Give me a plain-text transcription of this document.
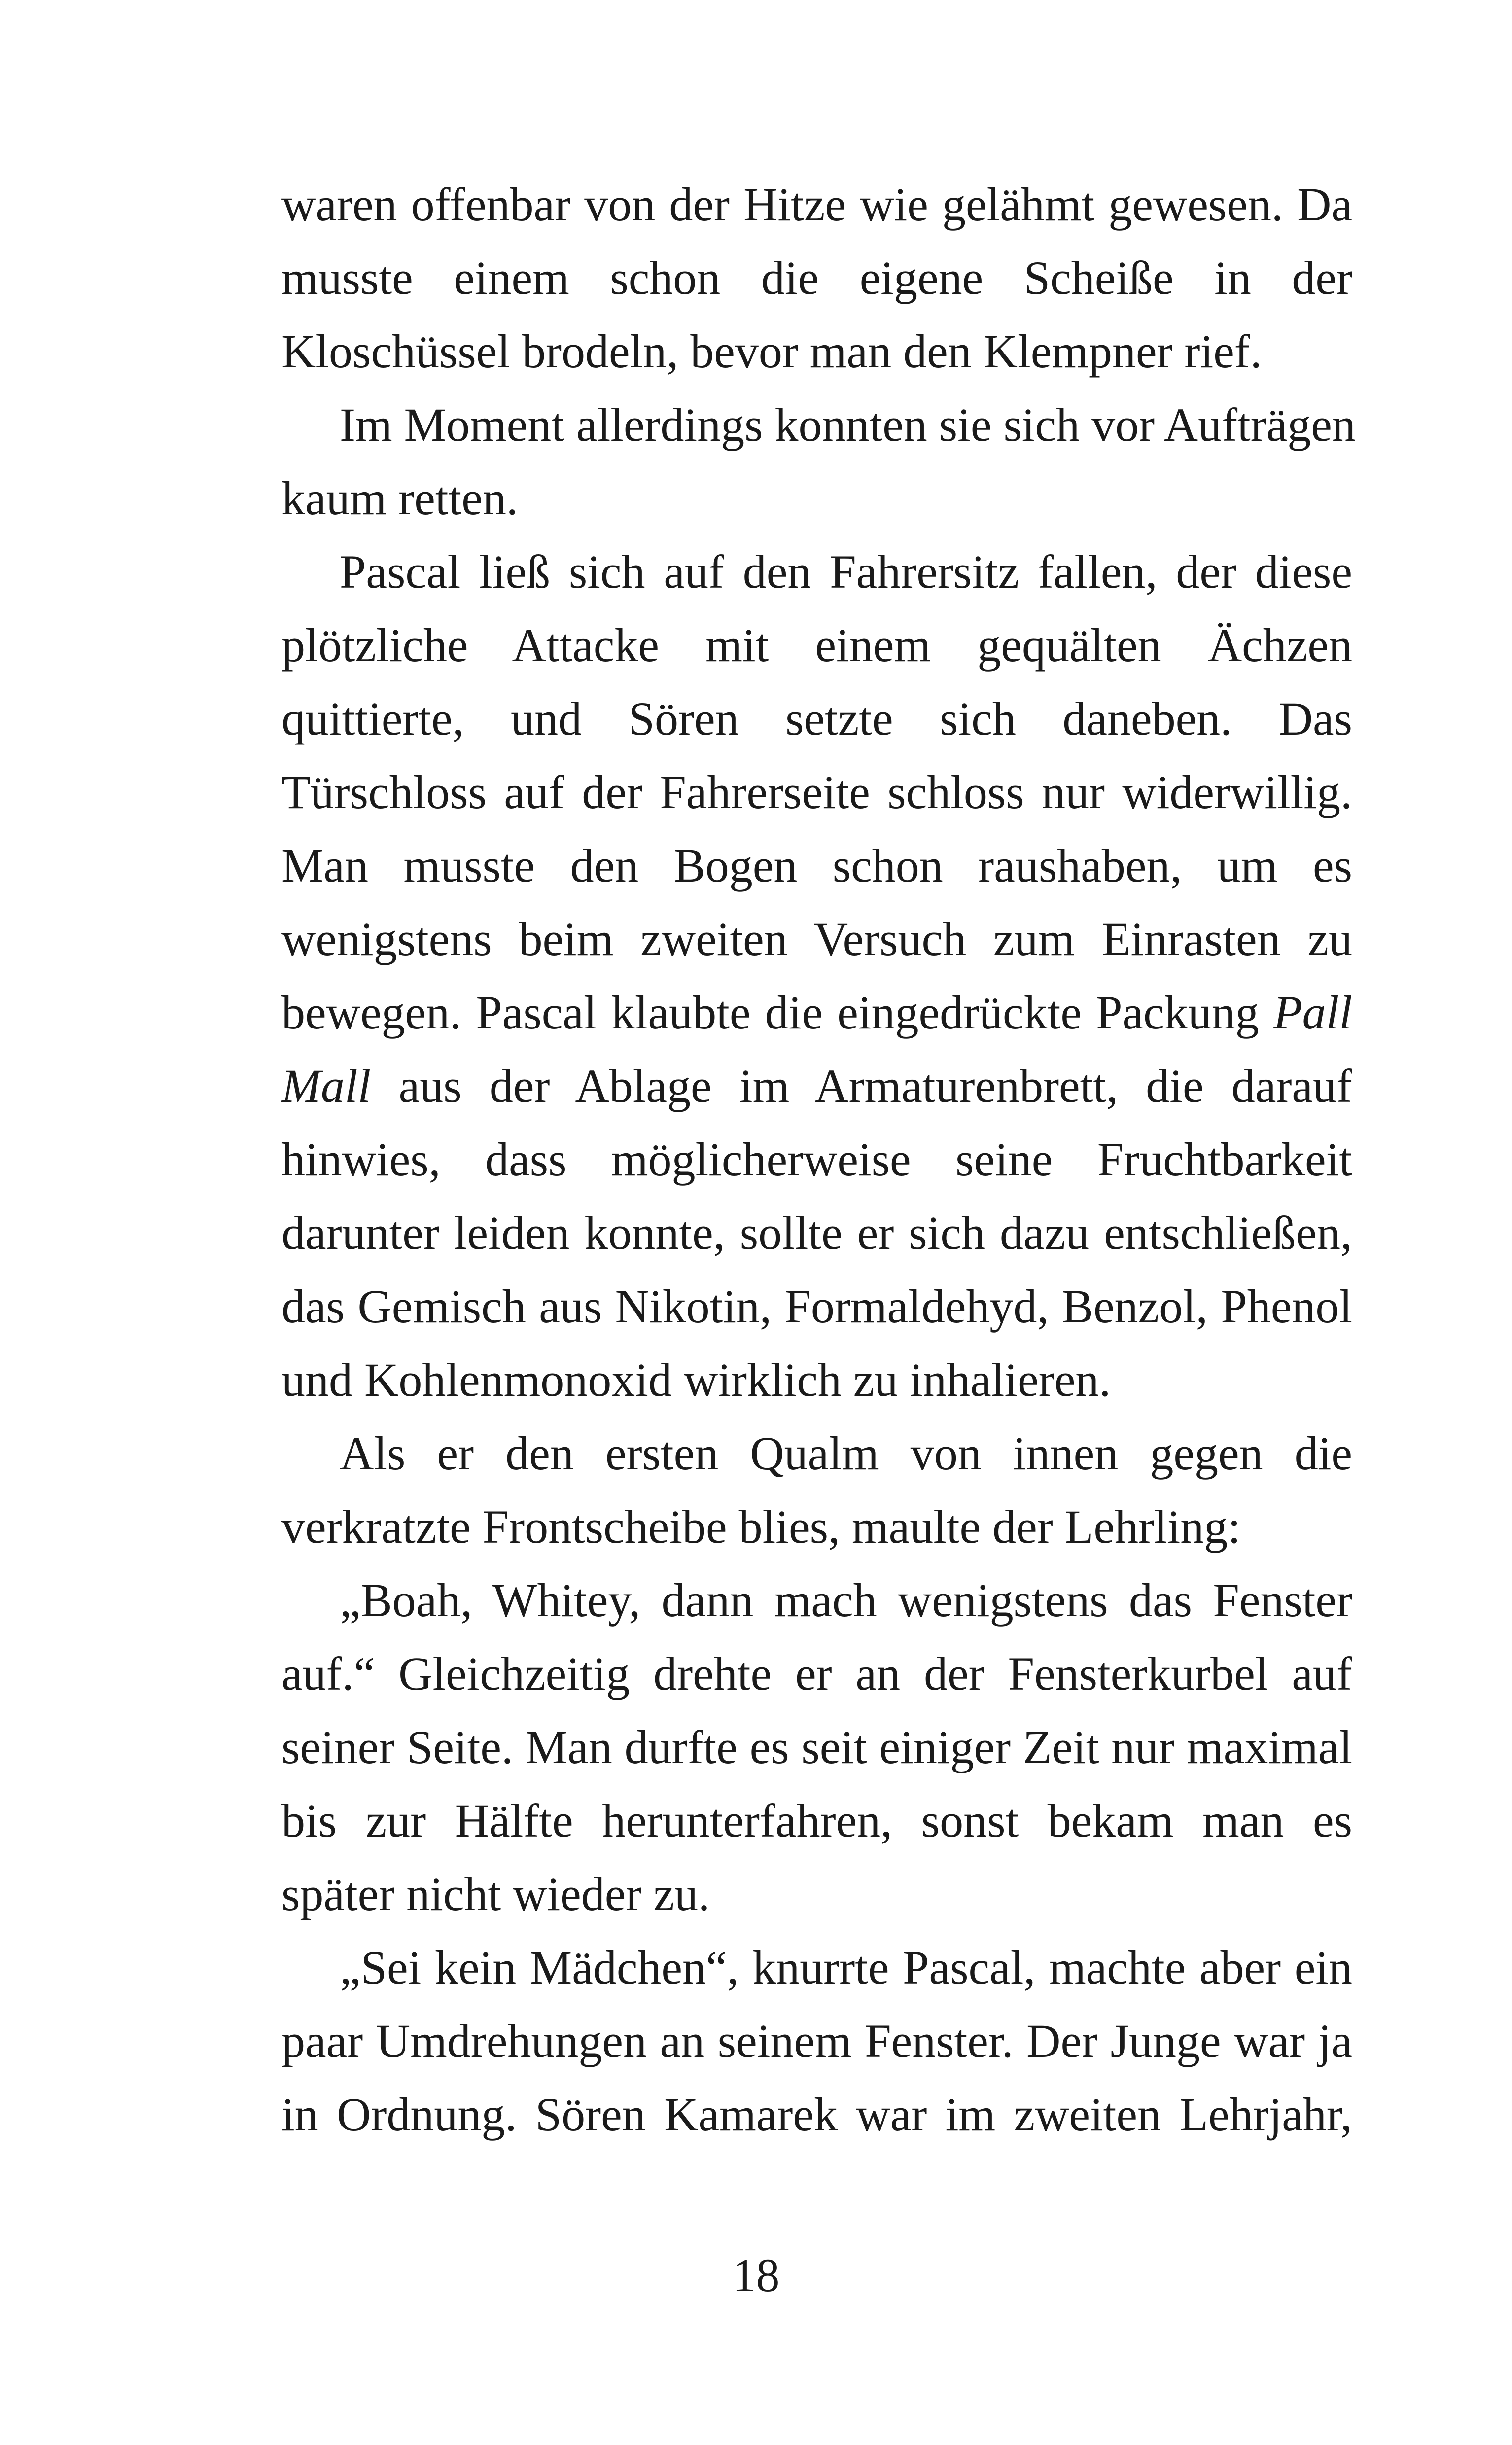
waren offenbar von der Hitze wie gelähmt gewesen. Da
musste einem schon die eigene Scheiße in der
Kloschüssel brodeln, bevor man den Klempner rief.
Im Moment allerdings konnten sie sich vor Aufträgen
kaum retten.
Pascal ließ sich auf den Fahrersitz fallen, der diese
plötzliche Attacke mit einem gequälten Ächzen
quittierte, und Sören setzte sich daneben. Das
Türschloss auf der Fahrerseite schloss nur widerwillig.
Man musste den Bogen schon raushaben, um es
wenigstens beim zweiten Versuch zum Einrasten zu
bewegen. Pascal klaubte die eingedrückte Packung Pall
Mall aus der Ablage im Armaturenbrett, die darauf
hinwies, dass möglicherweise seine Fruchtbarkeit
darunter leiden konnte, sollte er sich dazu entschließen,
das Gemisch aus Nikotin, Formaldehyd, Benzol, Phenol
und Kohlenmonoxid wirklich zu inhalieren.
Als er den ersten Qualm von innen gegen die
verkratzte Frontscheibe blies, maulte der Lehrling:
„Boah, Whitey, dann mach wenigstens das Fenster
auf.“ Gleichzeitig drehte er an der Fensterkurbel auf
seiner Seite. Man durfte es seit einiger Zeit nur maximal
bis zur Hälfte herunterfahren, sonst bekam man es
später nicht wieder zu.
„Sei kein Mädchen“, knurrte Pascal, machte aber ein
paar Umdrehungen an seinem Fenster. Der Junge war ja
in Ordnung. Sören Kamarek war im zweiten Lehrjahr,
18
